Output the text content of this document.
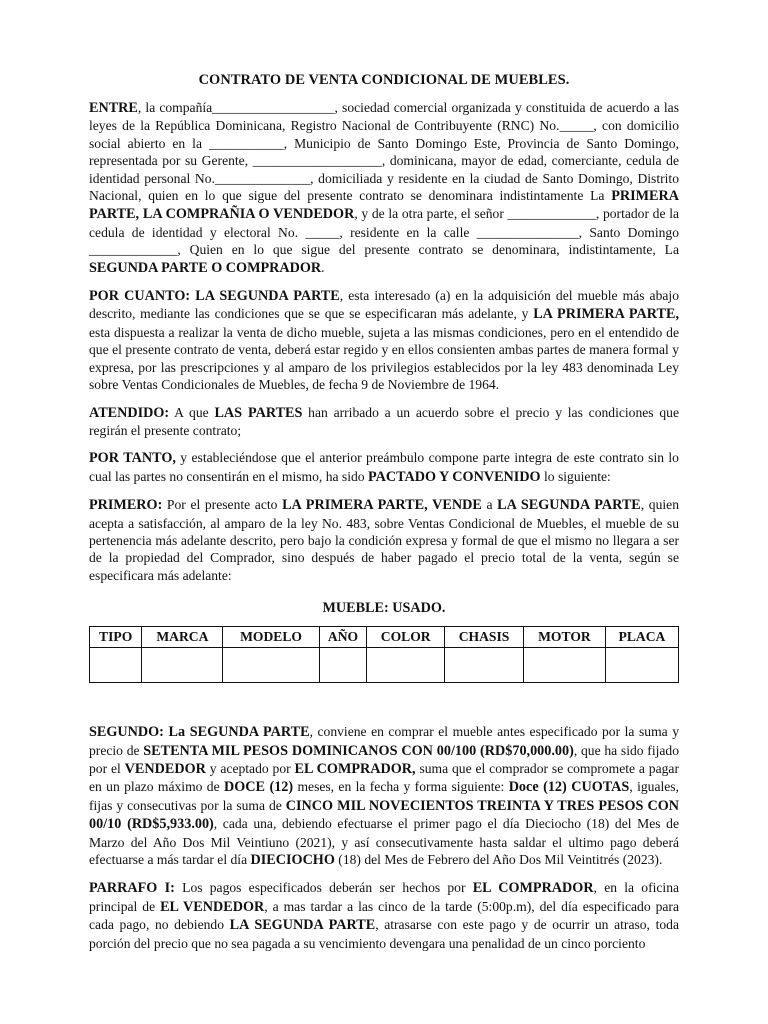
CONTRATO DE VENTA CONDICIONAL DE MUEBLES.

ENTRE, la compañía__________________, sociedad comercial organizada y constituida de acuerdo a las leyes de la República Dominicana, Registro Nacional de Contribuyente (RNC) No._____, con domicilio social abierto en la ___________, Municipio de Santo Domingo Este, Provincia de Santo Domingo, representada por su Gerente, ___________________, dominicana, mayor de edad, comerciante, cedula de identidad personal No.______________, domiciliada y residente en la ciudad de Santo Domingo, Distrito Nacional, quien en lo que sigue del presente contrato se denominara indistintamente La PRIMERA PARTE, LA COMPRAÑIA O VENDEDOR, y de la otra parte, el señor _____________, portador de la cedula de identidad y electoral No. _____, residente en la calle _______________, Santo Domingo _____________, Quien en lo que sigue del presente contrato se denominara, indistintamente, La SEGUNDA PARTE O COMPRADOR.

POR CUANTO: LA SEGUNDA PARTE, esta interesado (a) en la adquisición del mueble más abajo descrito, mediante las condiciones que se que se especificaran más adelante, y LA PRIMERA PARTE, esta dispuesta a realizar la venta de dicho mueble, sujeta a las mismas condiciones, pero en el entendido de que el presente contrato de venta, deberá estar regido y en ellos consienten ambas partes de manera formal y expresa, por las prescripciones y al amparo de los privilegios establecidos por la ley 483 denominada Ley sobre Ventas Condicionales de Muebles, de fecha 9 de Noviembre de 1964.

ATENDIDO: A que LAS PARTES han arribado a un acuerdo sobre el precio y las condiciones que regirán el presente contrato;

POR TANTO, y estableciéndose que el anterior preámbulo compone parte integra de este contrato sin lo cual las partes no consentirán en el mismo, ha sido PACTADO Y CONVENIDO lo siguiente:

PRIMERO: Por el presente acto LA PRIMERA PARTE, VENDE a LA SEGUNDA PARTE, quien acepta a satisfacción, al amparo de la ley No. 483, sobre Ventas Condicional de Muebles, el mueble de su pertenencia más adelante descrito, pero bajo la condición expresa y formal de que el mismo no llegara a ser de la propiedad del Comprador, sino después de haber pagado el precio total de la venta, según se especificara más adelante:

MUEBLE: USADO.
TIPO	MARCA	MODELO	AÑO	COLOR	CHASIS	MOTOR	PLACA

SEGUNDO: La SEGUNDA PARTE, conviene en comprar el mueble antes especificado por la suma y precio de SETENTA MIL PESOS DOMINICANOS CON 00/100 (RD$70,000.00), que ha sido fijado por el VENDEDOR y aceptado por EL COMPRADOR, suma que el comprador se compromete a pagar en un plazo máximo de DOCE (12) meses, en la fecha y forma siguiente: Doce (12) CUOTAS, iguales, fijas y consecutivas por la suma de CINCO MIL NOVECIENTOS TREINTA Y TRES PESOS CON 00/10 (RD$5,933.00), cada una, debiendo efectuarse el primer pago el día Dieciocho (18) del Mes de Marzo del Año Dos Mil Veintiuno (2021), y así consecutivamente hasta saldar el ultimo pago deberá efectuarse a más tardar el día DIECIOCHO (18) del Mes de Febrero del Año Dos Mil Veintitrés (2023).

PARRAFO I: Los pagos especificados deberán ser hechos por EL COMPRADOR, en la oficina principal de EL VENDEDOR, a mas tardar a las cinco de la tarde (5:00p.m), del día especificado para cada pago, no debiendo LA SEGUNDA PARTE, atrasarse con este pago y de ocurrir un atraso, toda porción del precio que no sea pagada a su vencimiento devengara una penalidad de un cinco porciento
